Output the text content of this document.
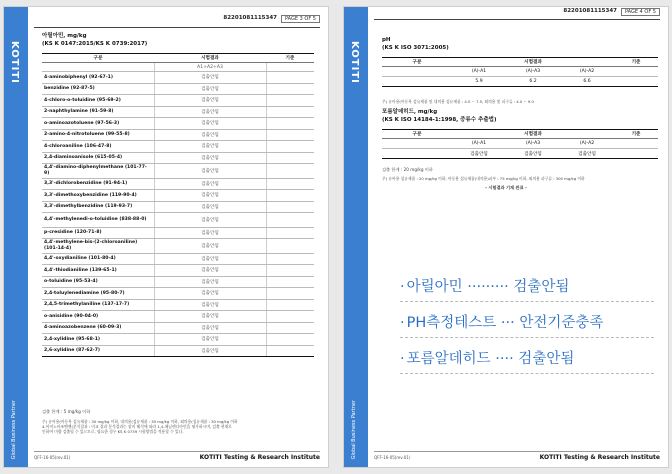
KOTITI
Global Business Partner
82201081115347	PAGE 3 OF 5
아릴아민, mg/kg
(KS K 0147:2015/KS K 0739:2017)
구분	시험결과	기준
	A1+A2+A3	
4-aminobiphenyl (92-67-1)	검출안됨	
benzidine (92-87-5)	검출안됨	
4-chloro-o-toluidine (95-69-2)	검출안됨	
2-naphthylamine (91-59-8)	검출안됨	
o-aminoazotoluene (97-56-3)	검출안됨	
2-amino-4-nitrotoluene (99-55-8)	검출안됨	
4-chloroaniline (106-47-8)	검출안됨	
2,4-diaminoanisole (615-05-4)	검출안됨	
4,4'-diamino-diphenylmethane (101-77-9)	검출안됨	
3,3'-dichlorobenzidine (91-94-1)	검출안됨	
3,3'-dimethoxybenzidine (119-90-4)	검출안됨	
3,3'-dimethylbenzidine (119-93-7)	검출안됨	
4,4'-methylenedi-o-toluidine (838-88-0)	검출안됨	
p-cresidine (120-71-8)	검출안됨	
4,4'-methylene-bis-(2-chloroaniline) (101-14-4)	검출안됨	
4,4'-oxydianiline (101-80-4)	검출안됨	
4,4'-thiodianiline (139-65-1)	검출안됨	
o-toluidine (95-53-4)	검출안됨	
2,4-toluylenediamine (95-80-7)	검출안됨	
2,4,5-trimethylaniline (137-17-7)	검출안됨	
o-anisidine (90-04-0)	검출안됨	
4-aminoazobenzene (60-09-3)	검출안됨	
2,4-xylidine (95-68-1)	검출안됨	
2,6-xylidine (87-62-7)	검출안됨	
검출 한계 : 5 mg/kg 이하
주) 유아용(아동복 섬유제품 : 30 mg/kg 이하, 내의용(섬유제품 : 30 mg/kg 이하, 외의용(섬유제품 : 30 mg/kg 이하
4-아미노아조벤젠(분석결과 : 비교 결과 분석결과는 장비 해석에 따라 1,4-페닐렌디아민을 평가하시며, 검출 현재로
인하여 미량 검출될 수 있으므로, 필요한 경우 KS K 0739 시험방법을 적용할 수 있다.
QFF-16-05(rev.01)	KOTITI Testing & Research Institute
KOTITI
Global Business Partner
82201081115347	PAGE 4 OF 5
pH
(KS K ISO 3071:2005)
구분	시험결과			기준
	(A)-A1	(A)-A3	(A)-A2	
	5.9	6.2	6.6	
주) 유아용(아동복 섬유제품 및 내의용 섬유제품 : 4.0 ~ 7.5, 외의용 및 피구류 : 4.0 ~ 9.0
포름알데히드, mg/kg
(KS K ISO 14184-1:1998, 증류수 추출법)
구분	시험결과			기준
	(A)-A1	(A)-A3	(A)-A2	
	검출안됨	검출안됨	검출안됨	
검출 한계 : 20 mg/kg 이하
주) 유아용 섬유제품 : 20 mg/kg 이하, 아동용 섬유제품(내의용)피부 : 75 mg/kg 이하, 외의용 피구류 : 300 mg/kg 이하
- 시험결과 기재 완료 -
· 아릴아민 ········· 검출안됨
· PH측정테스트 ··· 안전기준충족
· 포름알데히드 ···· 검출안됨
QFF-16-05(rev.01)	KOTITI Testing & Research Institute
